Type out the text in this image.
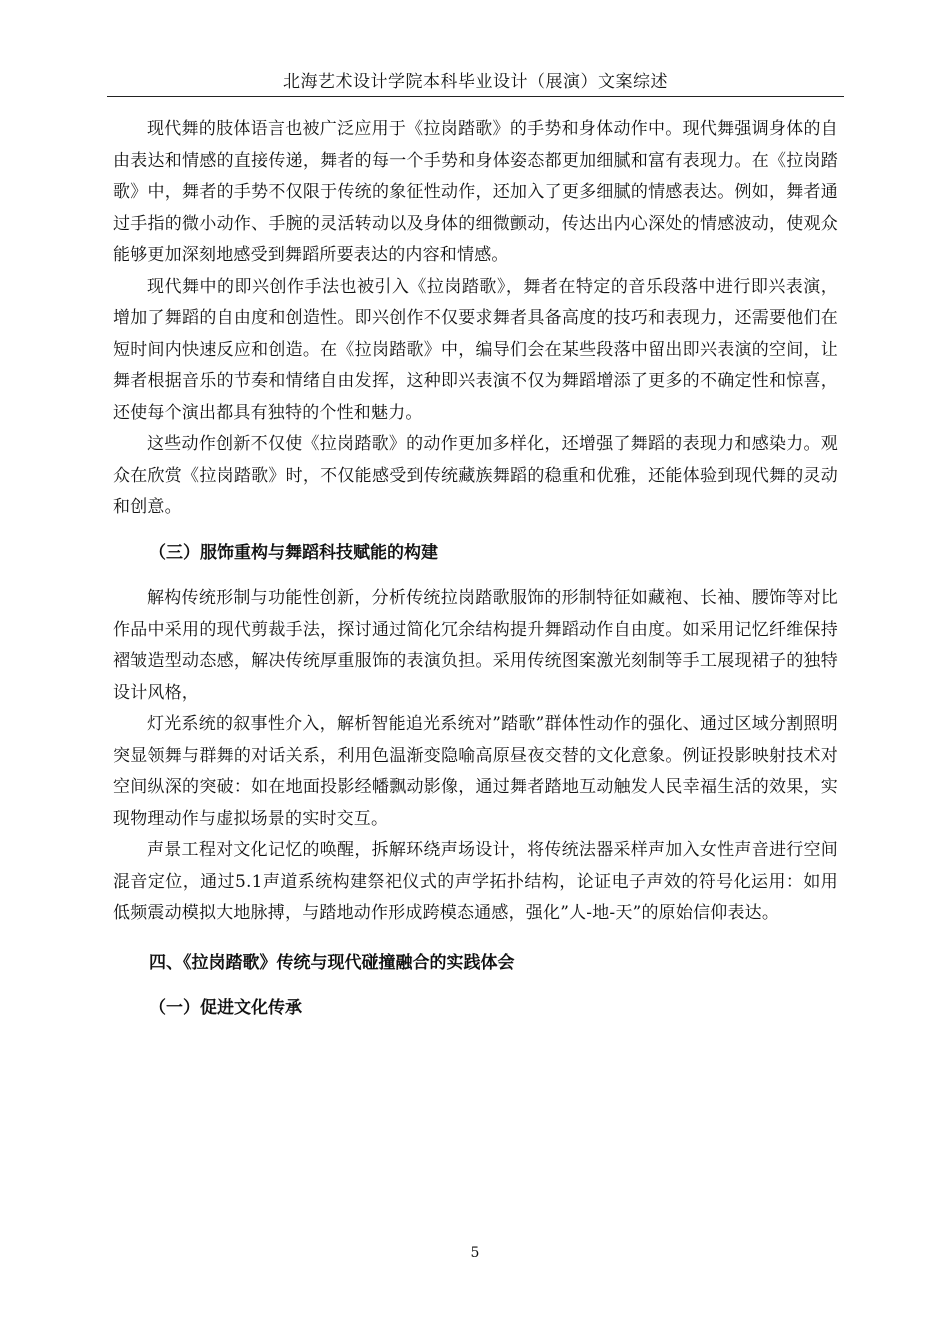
北海艺术设计学院本科毕业设计（展演）文案综述

现代舞的肢体语言也被广泛应用于《拉岗踏歌》的手势和身体动作中。现代舞强调身体的自由表达和情感的直接传递，舞者的每一个手势和身体姿态都更加细腻和富有表现力。在《拉岗踏歌》中，舞者的手势不仅限于传统的象征性动作，还加入了更多细腻的情感表达。例如，舞者通过手指的微小动作、手腕的灵活转动以及身体的细微颤动，传达出内心深处的情感波动，使观众能够更加深刻地感受到舞蹈所要表达的内容和情感。

现代舞中的即兴创作手法也被引入《拉岗踏歌》，舞者在特定的音乐段落中进行即兴表演，增加了舞蹈的自由度和创造性。即兴创作不仅要求舞者具备高度的技巧和表现力，还需要他们在短时间内快速反应和创造。在《拉岗踏歌》中，编导们会在某些段落中留出即兴表演的空间，让舞者根据音乐的节奏和情绪自由发挥，这种即兴表演不仅为舞蹈增添了更多的不确定性和惊喜，还使每个演出都具有独特的个性和魅力。

这些动作创新不仅使《拉岗踏歌》的动作更加多样化，还增强了舞蹈的表现力和感染力。观众在欣赏《拉岗踏歌》时，不仅能感受到传统藏族舞蹈的稳重和优雅，还能体验到现代舞的灵动和创意。

（三）服饰重构与舞蹈科技赋能的构建

解构传统形制与功能性创新，分析传统拉岗踏歌服饰的形制特征如藏袍、长袖、腰饰等对比作品中采用的现代剪裁手法，探讨通过简化冗余结构提升舞蹈动作自由度。如采用记忆纤维保持褶皱造型动态感，解决传统厚重服饰的表演负担。采用传统图案激光刻制等手工展现裙子的独特设计风格，

灯光系统的叙事性介入，解析智能追光系统对”踏歌”群体性动作的强化、通过区域分割照明突显领舞与群舞的对话关系，利用色温渐变隐喻高原昼夜交替的文化意象。例证投影映射技术对空间纵深的突破：如在地面投影经幡飘动影像，通过舞者踏地互动触发人民幸福生活的效果，实现物理动作与虚拟场景的实时交互。

声景工程对文化记忆的唤醒，拆解环绕声场设计，将传统法器采样声加入女性声音进行空间混音定位，通过5.1声道系统构建祭祀仪式的声学拓扑结构，论证电子声效的符号化运用：如用低频震动模拟大地脉搏，与踏地动作形成跨模态通感，强化”人-地-天”的原始信仰表达。

四、《拉岗踏歌》传统与现代碰撞融合的实践体会

（一）促进文化传承

5
